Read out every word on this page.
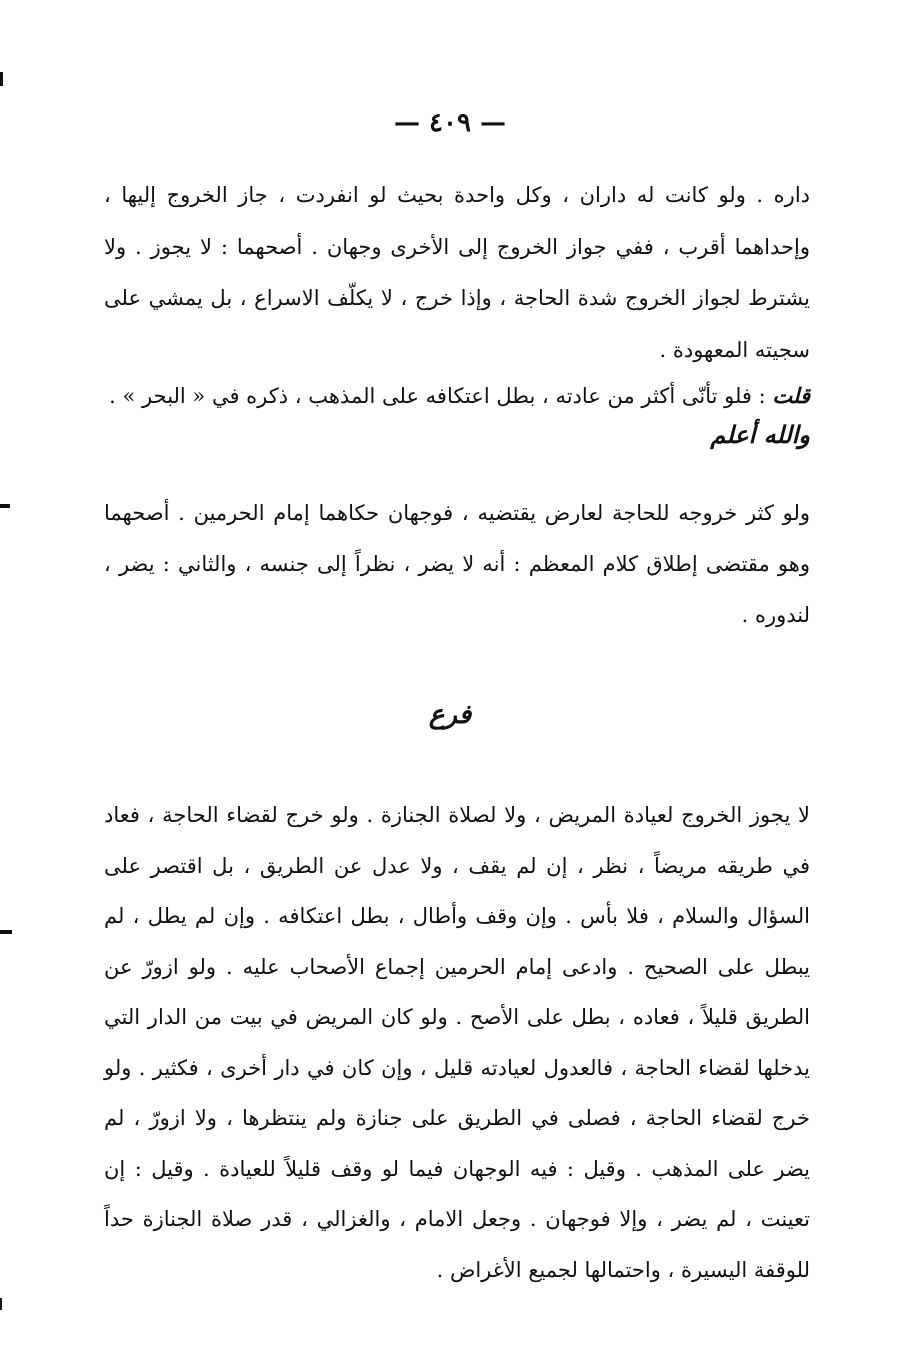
— ٤٠٩ —
داره . ولو كانت له داران ، وكل واحدة بحيث لو انفردت ، جاز الخروج إليها ، وإحداهما أقرب ، ففي جواز الخروج إلى الأخرى وجهان . أصحهما : لا يجوز . ولا يشترط لجواز الخروج شدة الحاجة ، وإذا خرج ، لا يكلّف الاسراع ، بل يمشي على سجيته المعهودة .
قلت : فلو تأنّى أكثر من عادته ، بطل اعتكافه على المذهب ، ذكره في « البحر » .
والله أعلم
ولو كثر خروجه للحاجة لعارض يقتضيه ، فوجهان حكاهما إمام الحرمين . أصحهما وهو مقتضى إطلاق كلام المعظم : أنه لا يضر ، نظراً إلى جنسه ، والثاني : يضر ، لندوره .
فرع
لا يجوز الخروج لعيادة المريض ، ولا لصلاة الجنازة . ولو خرج لقضاء الحاجة ، فعاد في طريقه مريضاً ، نظر ، إن لم يقف ، ولا عدل عن الطريق ، بل اقتصر على السؤال والسلام ، فلا بأس . وإن وقف وأطال ، بطل اعتكافه . وإن لم يطل ، لم يبطل على الصحيح . وادعى إمام الحرمين إجماع الأصحاب عليه . ولو ازورّ عن الطريق قليلاً ، فعاده ، بطل على الأصح . ولو كان المريض في بيت من الدار التي يدخلها لقضاء الحاجة ، فالعدول لعيادته قليل ، وإن كان في دار أخرى ، فكثير . ولو خرج لقضاء الحاجة ، فصلى في الطريق على جنازة ولم ينتظرها ، ولا ازورّ ، لم يضر على المذهب . وقيل : فيه الوجهان فيما لو وقف قليلاً للعيادة . وقيل : إن تعينت ، لم يضر ، وإلا فوجهان . وجعل الامام ، والغزالي ، قدر صلاة الجنازة حداً للوقفة اليسيرة ، واحتمالها لجميع الأغراض .
